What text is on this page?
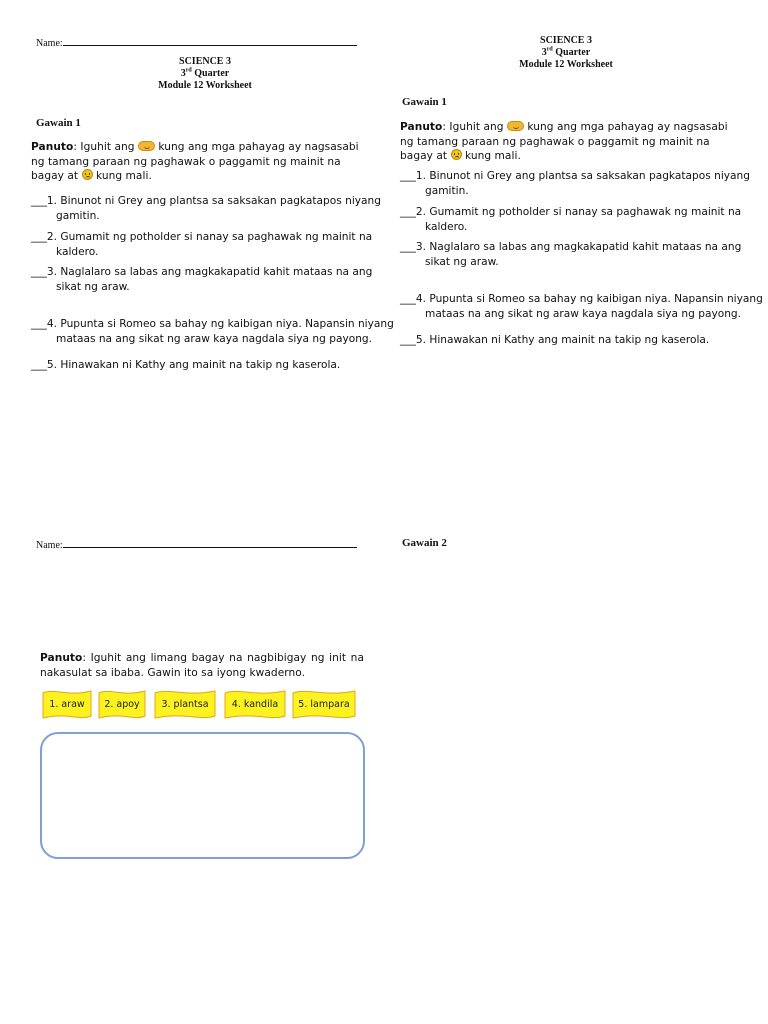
Name:
SCIENCE 3
3rd Quarter
Module 12 Worksheet
Gawain 1
Panuto: Iguhit ang kung ang mga pahayag ay nagsasabi ng tamang paraan ng paghawak o paggamit ng mainit na bagay at kung mali.
___1. Binunot ni Grey ang plantsa sa saksakan pagkatapos niyang gamitin.
___2. Gumamit ng potholder si nanay sa paghawak ng mainit na kaldero.
___3. Naglalaro sa labas ang magkakapatid kahit mataas na ang sikat ng araw.
___4. Pupunta si Romeo sa bahay ng kaibigan niya. Napansin niyang mataas na ang sikat ng araw kaya nagdala siya ng payong.
___5. Hinawakan ni Kathy ang mainit na takip ng kaserola.
SCIENCE 3
3rd Quarter
Module 12 Worksheet
Gawain 1
Panuto: Iguhit ang kung ang mga pahayag ay nagsasabi ng tamang paraan ng paghawak o paggamit ng mainit na bagay at kung mali.
___1. Binunot ni Grey ang plantsa sa saksakan pagkatapos niyang gamitin.
___2. Gumamit ng potholder si nanay sa paghawak ng mainit na kaldero.
___3. Naglalaro sa labas ang magkakapatid kahit mataas na ang sikat ng araw.
___4. Pupunta si Romeo sa bahay ng kaibigan niya. Napansin niyang mataas na ang sikat ng araw kaya nagdala siya ng payong.
___5. Hinawakan ni Kathy ang mainit na takip ng kaserola.
Name:
Panuto: Iguhit ang limang bagay na nagbibigay ng init na nakasulat sa ibaba. Gawin ito sa iyong kwaderno.
1. araw	2. apoy	3. plantsa	4. kandila	5. lampara
Gawain 2
